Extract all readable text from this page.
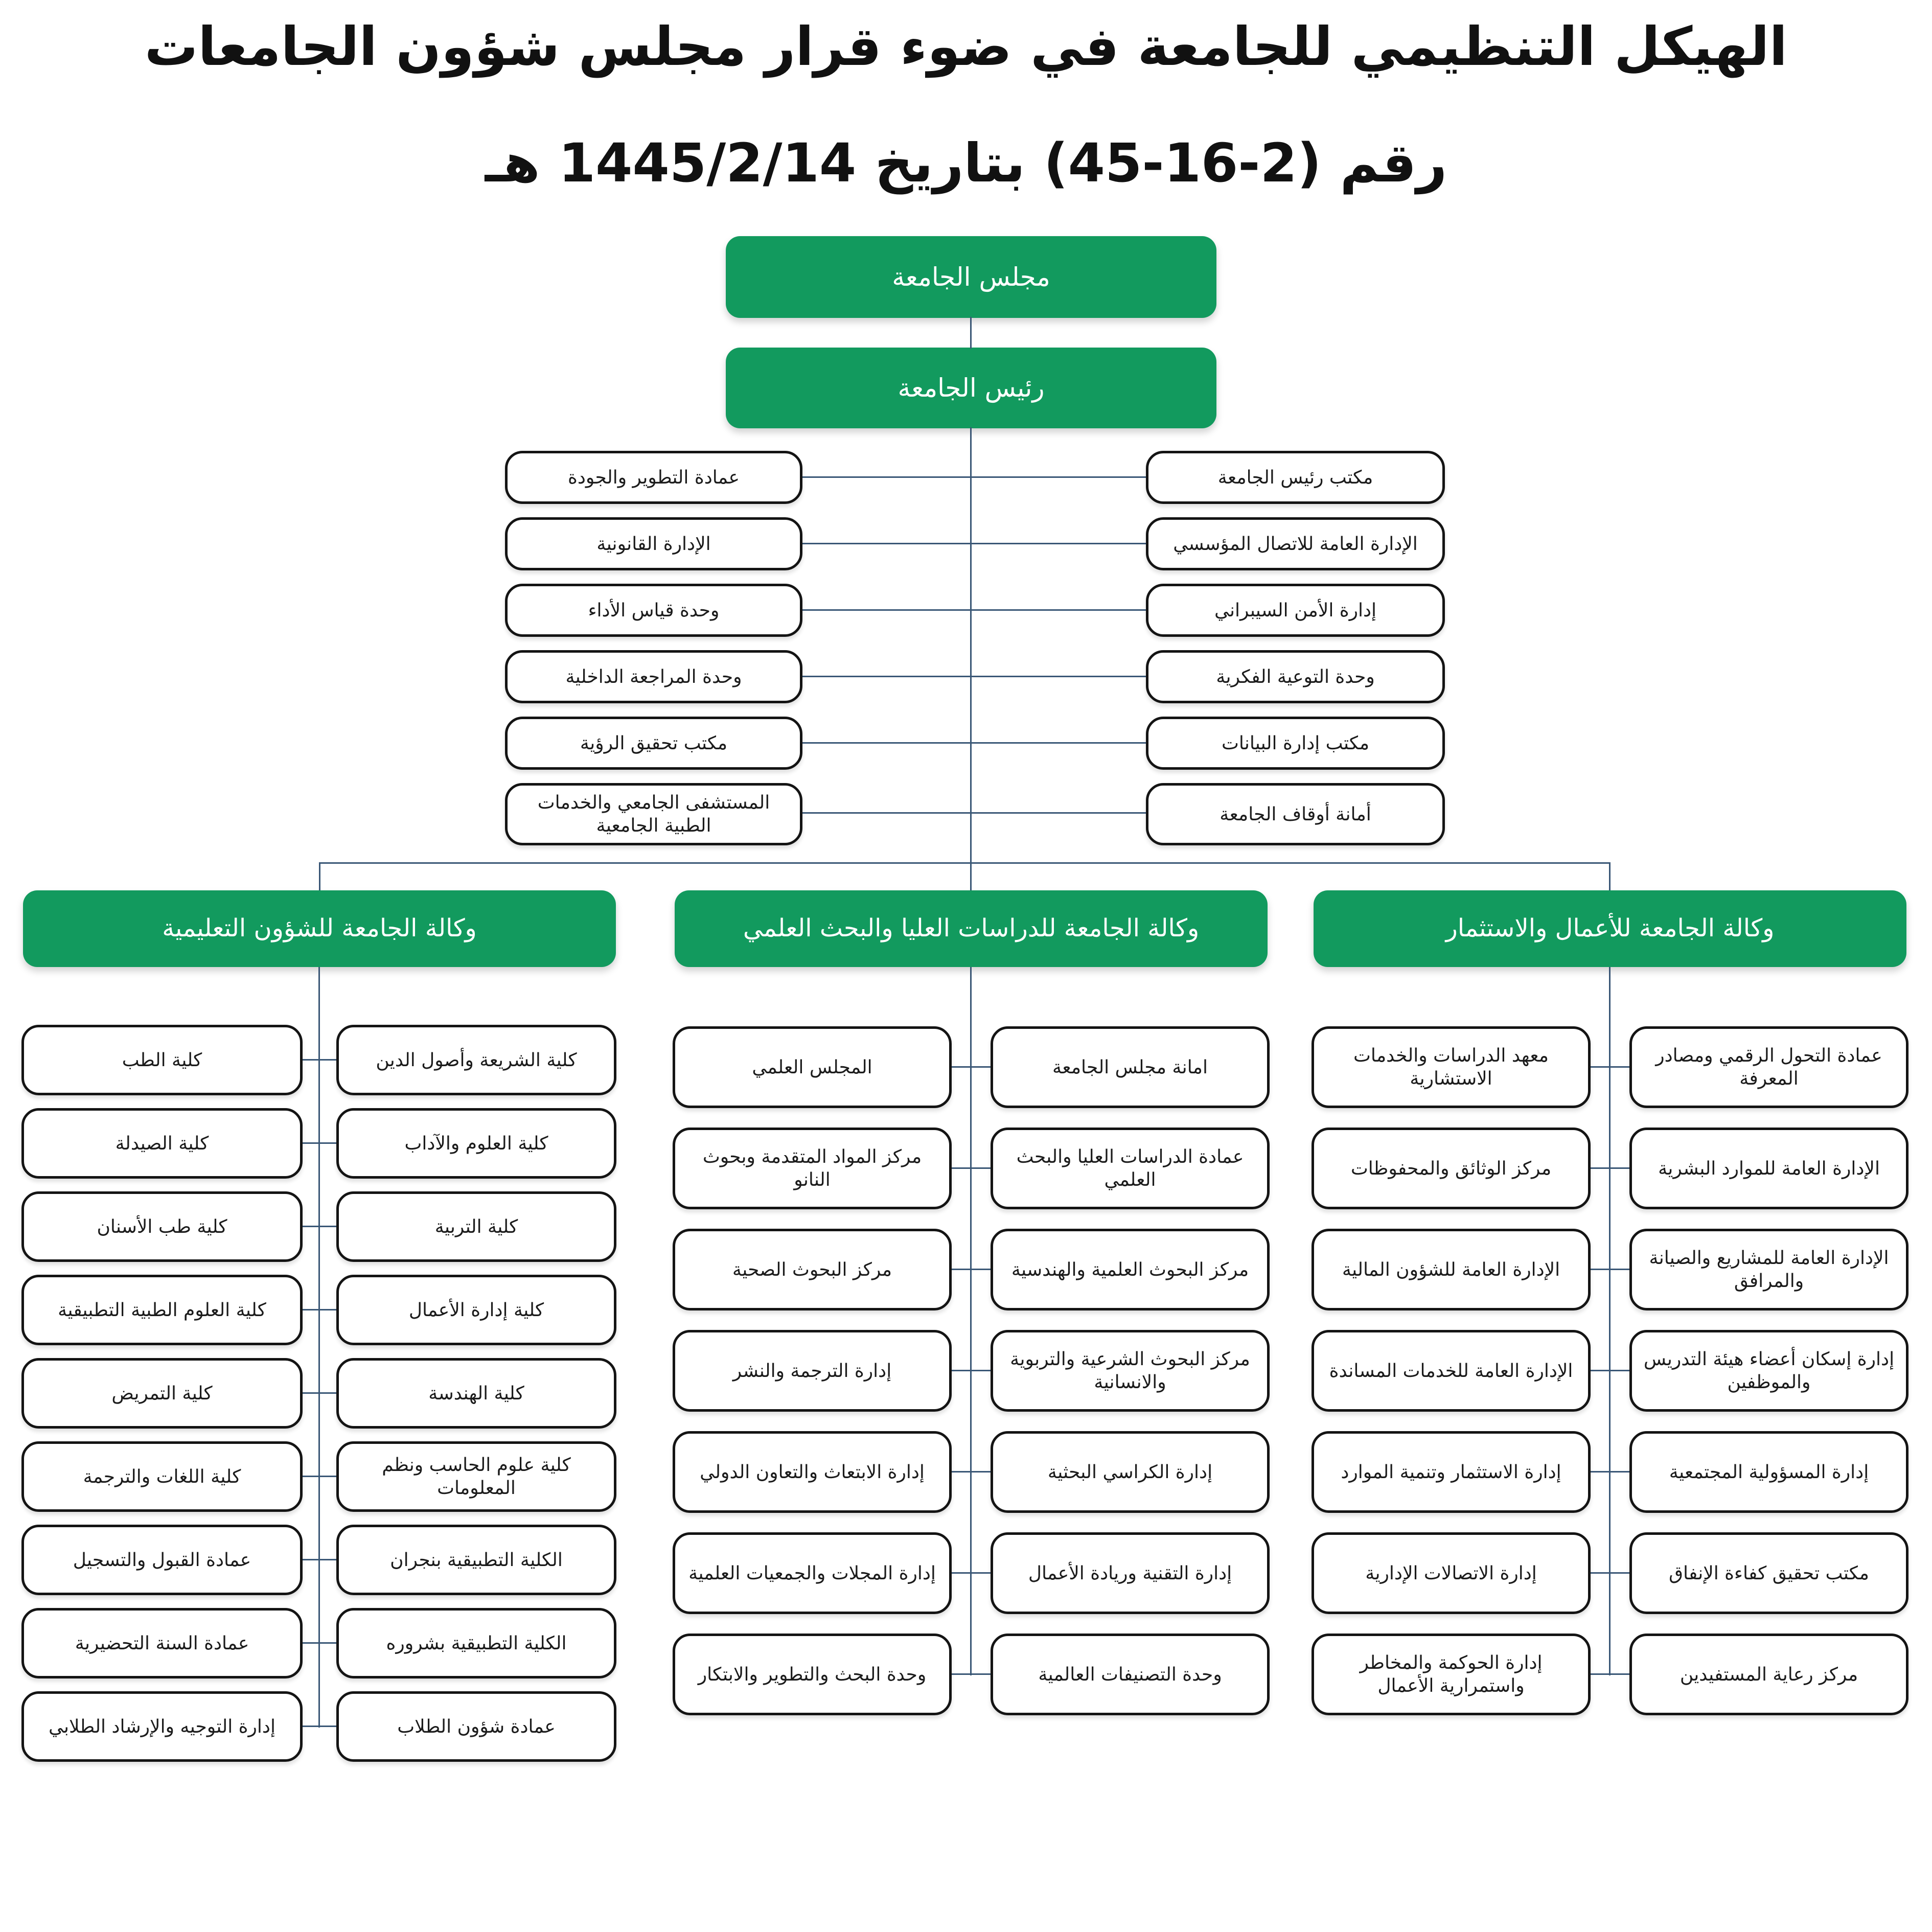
الهيكل التنظيمي للجامعة في ضوء قرار مجلس شؤون الجامعات
رقم (2-16-45) بتاريخ 1445/2/14 هـ
مجلس الجامعة
رئيس الجامعة
عمادة التطوير والجودة
الإدارة القانونية
وحدة قياس الأداء
وحدة المراجعة الداخلية
مكتب تحقيق الرؤية
المستشفى الجامعي والخدمات الطبية الجامعية
مكتب رئيس الجامعة
الإدارة العامة للاتصال المؤسسي
إدارة الأمن السيبراني
وحدة التوعية الفكرية
مكتب إدارة البيانات
أمانة أوقاف الجامعة
وكالة الجامعة للشؤون التعليمية	وكالة الجامعة للدراسات العليا والبحث العلمي	وكالة الجامعة للأعمال والاستثمار
كلية الطب
كلية الصيدلة
كلية طب الأسنان
كلية العلوم الطبية التطبيقية
كلية التمريض
كلية اللغات والترجمة
عمادة القبول والتسجيل
عمادة السنة التحضيرية
إدارة التوجيه والإرشاد الطلابي
كلية الشريعة وأصول الدين
كلية العلوم والآداب
كلية التربية
كلية إدارة الأعمال
كلية الهندسة
كلية علوم الحاسب ونظم المعلومات
الكلية التطبيقية بنجران
الكلية التطبيقية بشروره
عمادة شؤون الطلاب
المجلس العلمي
مركز المواد المتقدمة وبحوث النانو
مركز البحوث الصحية
إدارة الترجمة والنشر
إدارة الابتعاث والتعاون الدولي
إدارة المجلات والجمعيات العلمية
وحدة البحث والتطوير والابتكار
امانة مجلس الجامعة
عمادة الدراسات العليا والبحث العلمي
مركز البحوث العلمية والهندسية
مركز البحوث الشرعية والتربوية والانسانية
إدارة الكراسي البحثية
إدارة التقنية وريادة الأعمال
وحدة التصنيفات العالمية
معهد الدراسات والخدمات الاستشارية
مركز الوثائق والمحفوظات
الإدارة العامة للشؤون المالية
الإدارة العامة للخدمات المساندة
إدارة الاستثمار وتنمية الموارد
إدارة الاتصالات الإدارية
إدارة الحوكمة والمخاطر واستمرارية الأعمال
عمادة التحول الرقمي ومصادر المعرفة
الإدارة العامة للموارد البشرية
الإدارة العامة للمشاريع والصيانة والمرافق
إدارة إسكان أعضاء هيئة التدريس والموظفين
إدارة المسؤولية المجتمعية
مكتب تحقيق كفاءة الإنفاق
مركز رعاية المستفيدين
